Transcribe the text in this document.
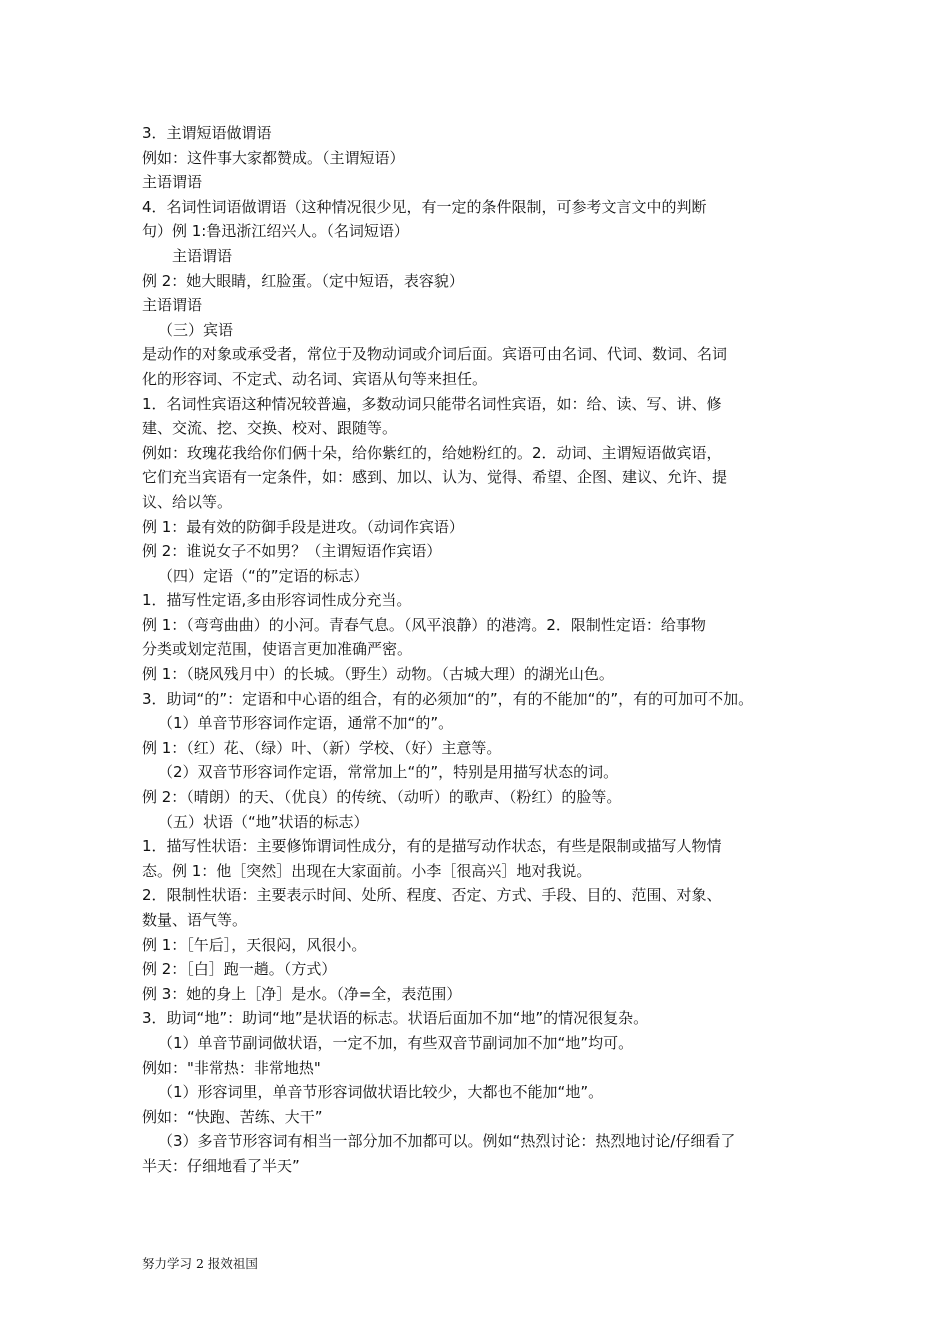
3．主谓短语做谓语
例如：这件事大家都赞成。（主谓短语）
主语谓语
4．名词性词语做谓语（这种情况很少见，有一定的条件限制，可参考文言文中的判断
句）例 1:鲁迅浙江绍兴人。（名词短语）
主语谓语
例 2：她大眼睛，红脸蛋。（定中短语，表容貌）
主语谓语
（三）宾语
是动作的对象或承受者，常位于及物动词或介词后面。宾语可由名词、代词、数词、名词
化的形容词、不定式、动名词、宾语从句等来担任。
1．名词性宾语这种情况较普遍，多数动词只能带名词性宾语，如：给、读、写、讲、修
建、交流、挖、交换、校对、跟随等。
例如：玫瑰花我给你们俩十朵，给你紫红的，给她粉红的。2．动词、主谓短语做宾语，
它们充当宾语有一定条件，如：感到、加以、认为、觉得、希望、企图、建议、允许、提
议、给以等。
例 1：最有效的防御手段是进攻。（动词作宾语）
例 2：谁说女子不如男？（主谓短语作宾语）
（四）定语（“的”定语的标志）
1．描写性定语,多由形容词性成分充当。
例 1：（弯弯曲曲）的小河。青春气息。（风平浪静）的港湾。2．限制性定语：给事物
分类或划定范围，使语言更加准确严密。
例 1：（晓风残月中）的长城。（野生）动物。（古城大理）的湖光山色。
3．助词“的”：定语和中心语的组合，有的必须加“的”，有的不能加“的”，有的可加可不加。
（1）单音节形容词作定语，通常不加“的”。
例 1：（红）花、（绿）叶、（新）学校、（好）主意等。
（2）双音节形容词作定语，常常加上“的”，特别是用描写状态的词。
例 2：（晴朗）的天、（优良）的传统、（动听）的歌声、（粉红）的脸等。
（五）状语（“地”状语的标志）
1．描写性状语：主要修饰谓词性成分，有的是描写动作状态，有些是限制或描写人物情
态。例 1：他［突然］出现在大家面前。小李［很高兴］地对我说。
2．限制性状语：主要表示时间、处所、程度、否定、方式、手段、目的、范围、对象、
数量、语气等。
例 1：［午后］，天很闷，风很小。
例 2：［白］跑一趟。（方式）
例 3：她的身上［净］是水。（净=全，表范围）
3．助词“地”：助词“地”是状语的标志。状语后面加不加“地”的情况很复杂。
（1）单音节副词做状语，一定不加，有些双音节副词加不加“地”均可。
例如："非常热：非常地热"
（1）形容词里，单音节形容词做状语比较少，大都也不能加“地”。
例如：“快跑、苦练、大干”
（3）多音节形容词有相当一部分加不加都可以。例如“热烈讨论：热烈地讨论/仔细看了
半天：仔细地看了半天”
努力学习 2 报效祖国
